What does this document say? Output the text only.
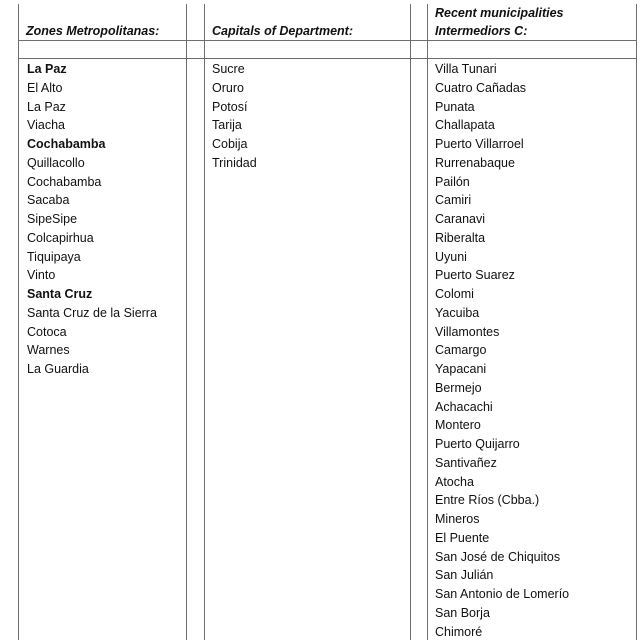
Zones Metropolitanas:	Capitals of Department:
Recent municipalities
Intermediors C:
La Paz
El Alto
La Paz
Viacha
Cochabamba
Quillacollo
Cochabamba
Sacaba
SipeSipe
Colcapirhua
Tiquipaya
Vinto
Santa Cruz
Santa Cruz de la Sierra
Cotoca
Warnes
La Guardia
Sucre
Oruro
Potosí
Tarija
Cobija
Trinidad
Villa Tunari
Cuatro Cañadas
Punata
Challapata
Puerto Villarroel
Rurrenabaque
Pailón
Camiri
Caranavi
Riberalta
Uyuni
Puerto Suarez
Colomi
Yacuiba
Villamontes
Camargo
Yapacani
Bermejo
Achacachi
Montero
Puerto Quijarro
Santivañez
Atocha
Entre Ríos (Cbba.)
Mineros
El Puente
San José de Chiquitos
San Julián
San Antonio de Lomerío
San Borja
Chimoré
